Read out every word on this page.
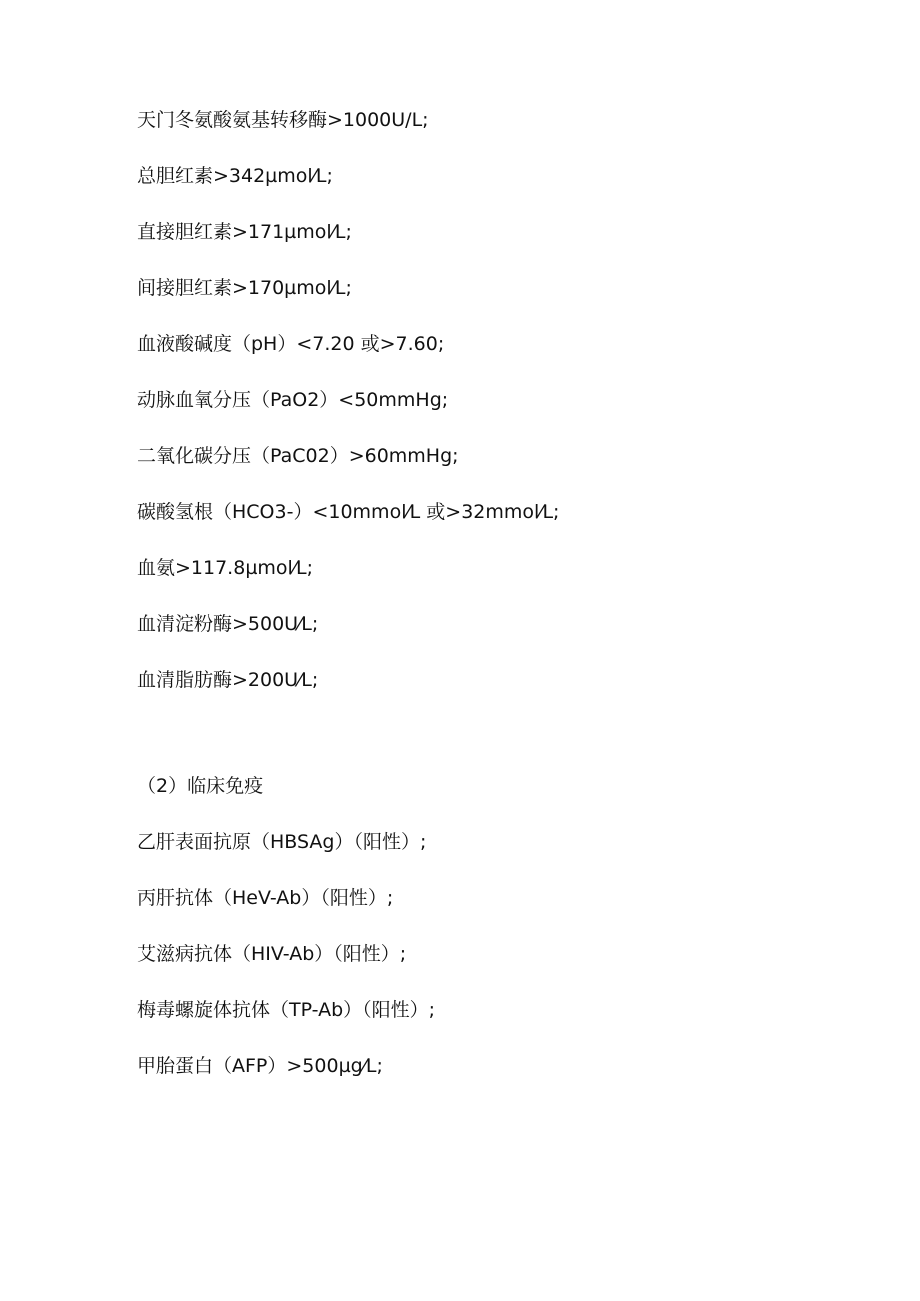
天门冬氨酸氨基转移酶>1000U/L;
总胆红素>342µmol⁄L;
直接胆红素>171µmol⁄L;
间接胆红素>170µmol⁄L;
血液酸碱度（pH）<7.20 或>7.60;
动脉血氧分压（PaO2）<50mmHg;
二氧化碳分压（PaC02）>60mmHg;
碳酸氢根（HCO3-）<10mmol⁄L 或>32mmol⁄L;
血氨>117.8µmol⁄L;
血清淀粉酶>500U⁄L;
血清脂肪酶>200U⁄L;
（2）临床免疫
乙肝表面抗原（HBSAg）（阳性）;
丙肝抗体（HeV-Ab）（阳性）;
艾滋病抗体（HIV-Ab）（阳性）;
梅毒螺旋体抗体（TP-Ab）（阳性）;
甲胎蛋白（AFP）>500µg⁄L;
